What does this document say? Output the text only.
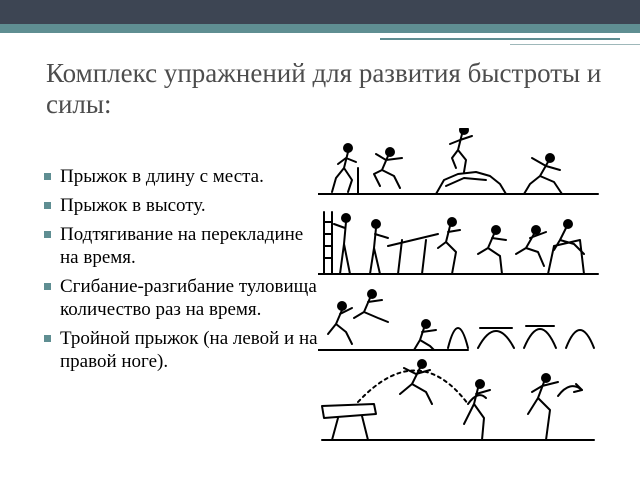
Комплекс упражнений для развития быстроты и силы:
Прыжок в длину с места.
Прыжок в высоту.
Подтягивание на перекладине на время.
Сгибание-разгибание туловища количество раз на время.
Тройной прыжок (на левой и на правой ноге).
